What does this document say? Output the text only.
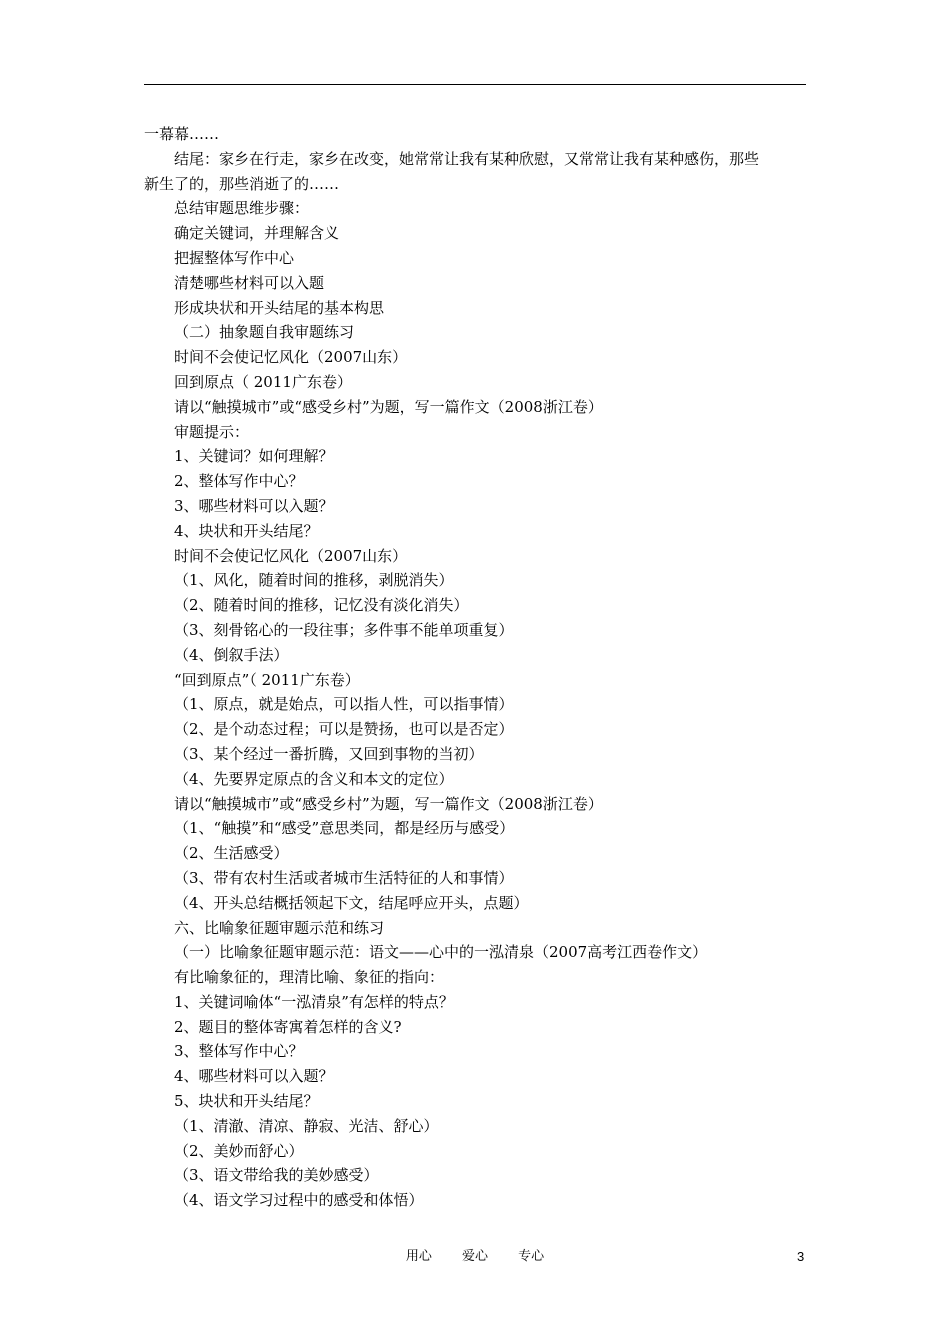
一幕幕……
结尾：家乡在行走，家乡在改变，她常常让我有某种欣慰，又常常让我有某种感伤，那些
新生了的，那些消逝了的……
总结审题思维步骤：
确定关键词，并理解含义
把握整体写作中心
清楚哪些材料可以入题
形成块状和开头结尾的基本构思
（二）抽象题自我审题练习
时间不会使记忆风化（2007山东）
回到原点（ 2011广东卷）
请以“触摸城市”或“感受乡村”为题，写一篇作文（2008浙江卷）
审题提示：
1、关键词？如何理解？
2、整体写作中心？
3、哪些材料可以入题？
4、块状和开头结尾？
时间不会使记忆风化（2007山东）
（1、风化，随着时间的推移，剥脱消失）
（2、随着时间的推移，记忆没有淡化消失）
（3、刻骨铭心的一段往事；多件事不能单项重复）
（4、倒叙手法）
“回到原点”（ 2011广东卷）
（1、原点，就是始点，可以指人性，可以指事情）
（2、是个动态过程；可以是赞扬，也可以是否定）
（3、某个经过一番折腾，又回到事物的当初）
（4、先要界定原点的含义和本文的定位）
请以“触摸城市”或“感受乡村”为题，写一篇作文（2008浙江卷）
（1、“触摸”和“感受”意思类同，都是经历与感受）
（2、生活感受）
（3、带有农村生活或者城市生活特征的人和事情）
（4、开头总结概括领起下文，结尾呼应开头，点题）
六、比喻象征题审题示范和练习
（一）比喻象征题审题示范：语文——心中的一泓清泉（2007高考江西卷作文）
有比喻象征的，理清比喻、象征的指向：
1、关键词喻体“一泓清泉”有怎样的特点？
2、题目的整体寄寓着怎样的含义?
3、整体写作中心？
4、哪些材料可以入题？
5、块状和开头结尾？
（1、清澈、清凉、静寂、光洁、舒心）
（2、美妙而舒心）
（3、语文带给我的美妙感受）
（4、语文学习过程中的感受和体悟）
用心 爱心 专心	3
